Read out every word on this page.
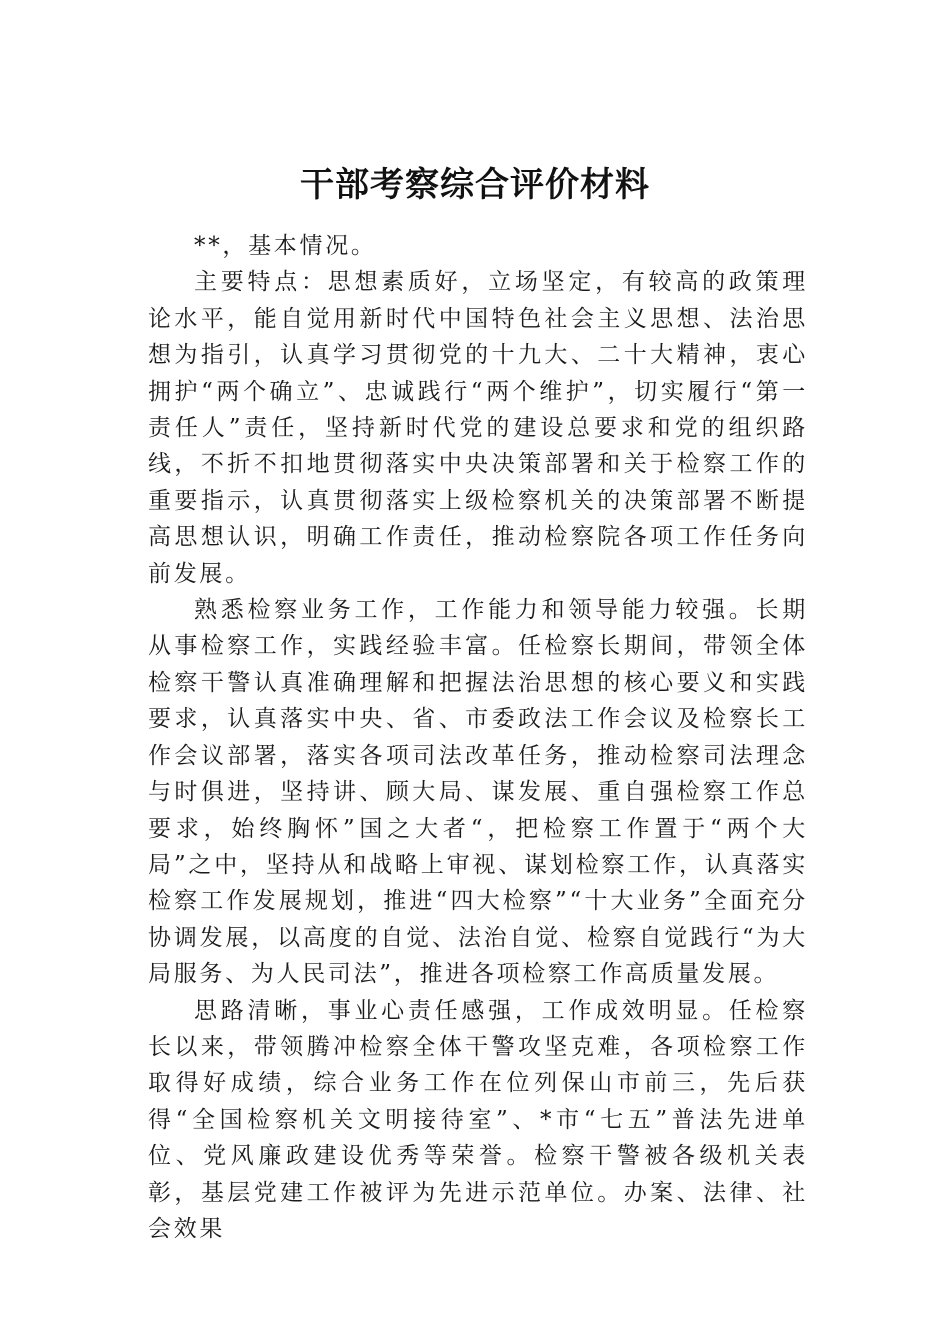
干部考察综合评价材料

**，基本情况。

主要特点：思想素质好，立场坚定，有较高的政策理论水平，能自觉用新时代中国特色社会主义思想、法治思想为指引，认真学习贯彻党的十九大、二十大精神，衷心拥护“两个确立”、忠诚践行“两个维护”，切实履行“第一责任人”责任，坚持新时代党的建设总要求和党的组织路线，不折不扣地贯彻落实中央决策部署和关于检察工作的重要指示，认真贯彻落实上级检察机关的决策部署不断提高思想认识，明确工作责任，推动检察院各项工作任务向前发展。

熟悉检察业务工作，工作能力和领导能力较强。长期从事检察工作，实践经验丰富。任检察长期间，带领全体检察干警认真准确理解和把握法治思想的核心要义和实践要求，认真落实中央、省、市委政法工作会议及检察长工作会议部署，落实各项司法改革任务，推动检察司法理念与时俱进，坚持讲、顾大局、谋发展、重自强检察工作总要求，始终胸怀”国之大者“，把检察工作置于“两个大局”之中，坚持从和战略上审视、谋划检察工作，认真落实检察工作发展规划，推进“四大检察”“十大业务”全面充分协调发展，以高度的自觉、法治自觉、检察自觉践行“为大局服务、为人民司法”，推进各项检察工作高质量发展。

思路清晰，事业心责任感强，工作成效明显。任检察长以来，带领腾冲检察全体干警攻坚克难，各项检察工作取得好成绩，综合业务工作在位列保山市前三，先后获得“全国检察机关文明接待室”、*市“七五”普法先进单位、党风廉政建设优秀等荣誉。检察干警被各级机关表彰，基层党建工作被评为先进示范单位。办案、法律、社会效果
